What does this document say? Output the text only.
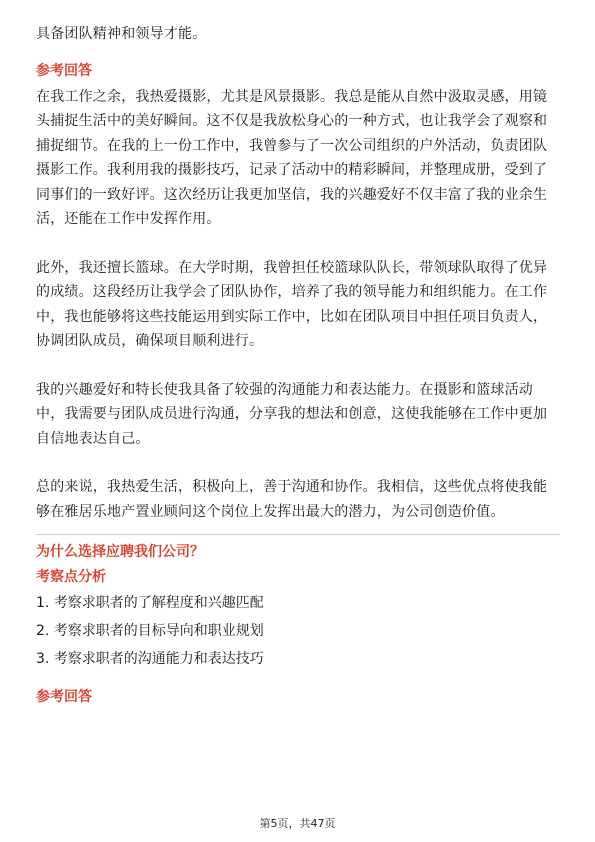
具备团队精神和领导才能。

参考回答

在我工作之余，我热爱摄影，尤其是风景摄影。我总是能从自然中汲取灵感，用镜

头捕捉生活中的美好瞬间。这不仅是我放松身心的一种方式，也让我学会了观察和

捕捉细节。在我的上一份工作中，我曾参与了一次公司组织的户外活动，负责团队

摄影工作。我利用我的摄影技巧，记录了活动中的精彩瞬间，并整理成册，受到了

同事们的一致好评。这次经历让我更加坚信，我的兴趣爱好不仅丰富了我的业余生

活，还能在工作中发挥作用。

此外，我还擅长篮球。在大学时期，我曾担任校篮球队队长，带领球队取得了优异

的成绩。这段经历让我学会了团队协作，培养了我的领导能力和组织能力。在工作

中，我也能够将这些技能运用到实际工作中，比如在团队项目中担任项目负责人，

协调团队成员，确保项目顺利进行。

我的兴趣爱好和特长使我具备了较强的沟通能力和表达能力。在摄影和篮球活动

中，我需要与团队成员进行沟通，分享我的想法和创意，这使我能够在工作中更加

自信地表达自己。

总的来说，我热爱生活，积极向上，善于沟通和协作。我相信，这些优点将使我能

够在雅居乐地产置业顾问这个岗位上发挥出最大的潜力，为公司创造价值。

为什么选择应聘我们公司？

考察点分析

1. 考察求职者的了解程度和兴趣匹配

2. 考察求职者的目标导向和职业规划

3. 考察求职者的沟通能力和表达技巧

参考回答

第5页，共47页
